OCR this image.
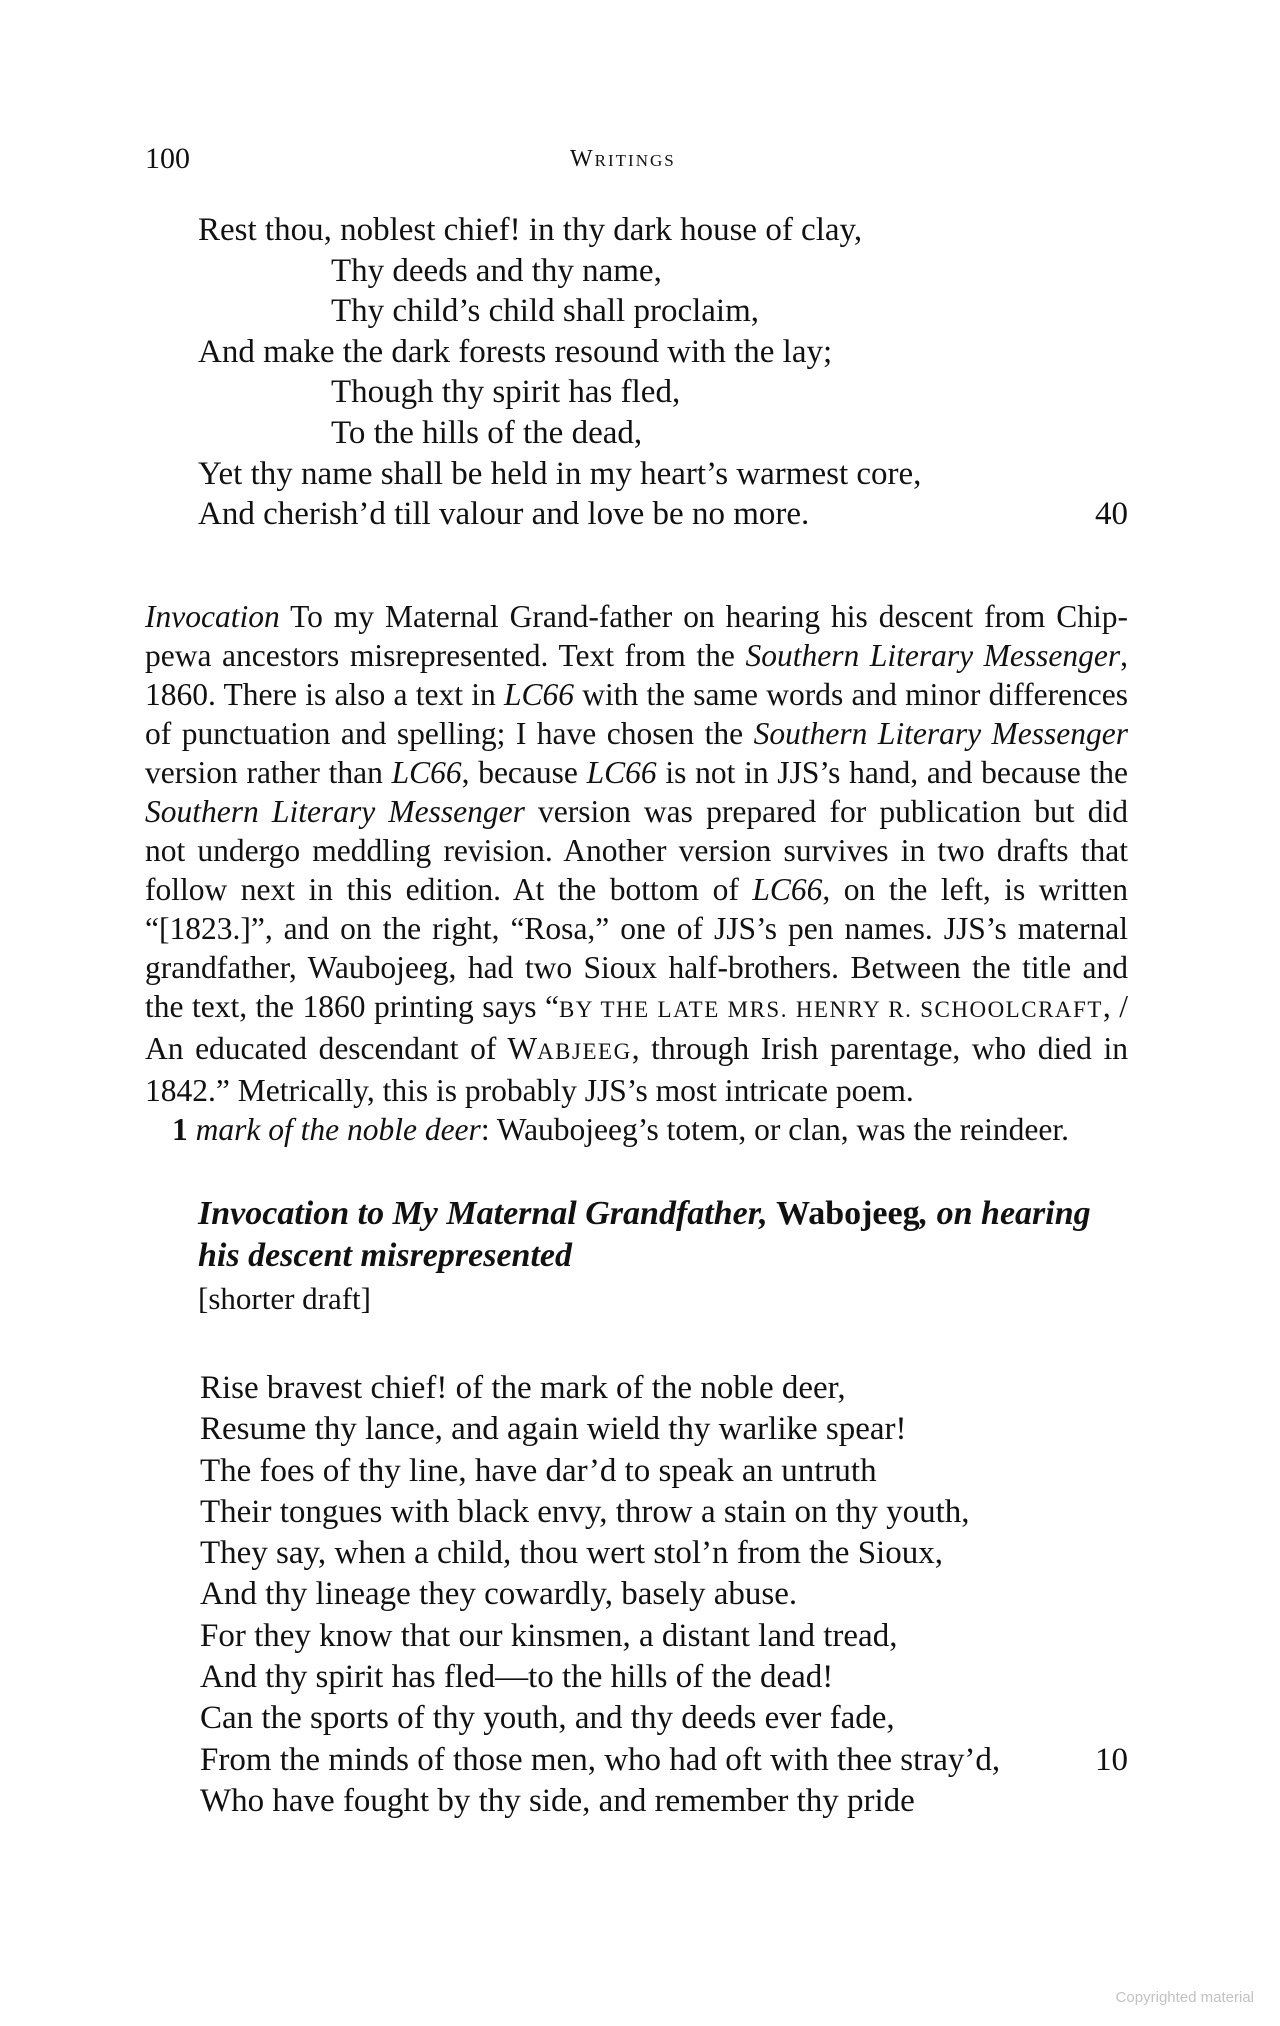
100	Writings
Rest thou, noblest chief! in thy dark house of clay,
Thy deeds and thy name,
Thy child’s child shall proclaim,
And make the dark forests resound with the lay;
Though thy spirit has fled,
To the hills of the dead,
Yet thy name shall be held in my heart’s warmest core,
And cherish’d till valour and love be no more.	40

Invocation To my Maternal Grand-father on hearing his descent from Chippewa ancestors misrepresented. Text from the Southern Literary Messenger, 1860. There is also a text in LC66 with the same words and minor differences of punctuation and spelling; I have chosen the Southern Literary Messenger version rather than LC66, because LC66 is not in JJS’s hand, and because the Southern Literary Messenger version was prepared for publication but did not undergo meddling revision. Another version survives in two drafts that follow next in this edition. At the bottom of LC66, on the left, is written “[1823.]”, and on the right, “Rosa,” one of JJS’s pen names. JJS’s maternal grandfather, Waubojeeg, had two Sioux half-brothers. Between the title and the text, the 1860 printing says “BY THE LATE MRS. HENRY R. SCHOOLCRAFT, / An educated descendant of WABJEEG, through Irish parentage, who died in 1842.” Metrically, this is probably JJS’s most intricate poem.

1 mark of the noble deer: Waubojeeg’s totem, or clan, was the reindeer.

Invocation to My Maternal Grandfather, Wabojeeg, on hearing his descent misrepresented
[shorter draft]
Rise bravest chief! of the mark of the noble deer,
Resume thy lance, and again wield thy warlike spear!
The foes of thy line, have dar’d to speak an untruth
Their tongues with black envy, throw a stain on thy youth,
They say, when a child, thou wert stol’n from the Sioux,
And thy lineage they cowardly, basely abuse.
For they know that our kinsmen, a distant land tread,
And thy spirit has fled—to the hills of the dead!
Can the sports of thy youth, and thy deeds ever fade,
From the minds of those men, who had oft with thee stray’d,	10
Who have fought by thy side, and remember thy pride
Copyrighted material
